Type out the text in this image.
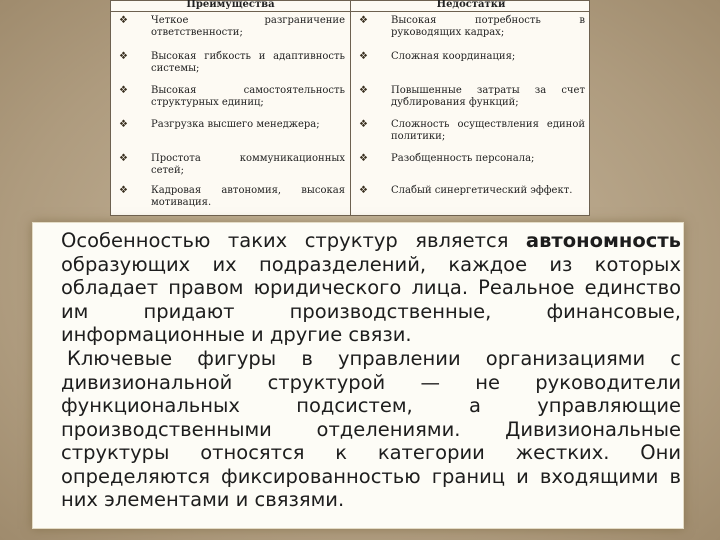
Преимущества	Недостатки
❖ Четкое разграничение ответственности;
❖ Высокая гибкость и адаптивность системы;
❖ Высокая самостоятельность структурных единиц;
❖ Разгрузка высшего менеджера;
❖ Простота коммуникационных сетей;
❖ Кадровая автономия, высокая мотивация.
❖ Высокая потребность в руководящих кадрах;
❖ Сложная координация;
❖ Повышенные затраты за счет дублирования функций;
❖ Сложность осуществления единой политики;
❖ Разобщенность персонала;
❖ Слабый синергетический эффект.
Особенностью таких структур является автономность образующих их подразделений, каждое из которых обладает правом юридического лица. Реальное единство им придают производственные, финансовые, информационные и другие связи.
Ключевые фигуры в управлении организациями с дивизиональной структурой — не руководители функциональных подсистем, а управляющие производственными отделениями. Дивизиональные структуры относятся к категории жестких. Они определяются фиксированностью границ и входящими в них элементами и связями.
